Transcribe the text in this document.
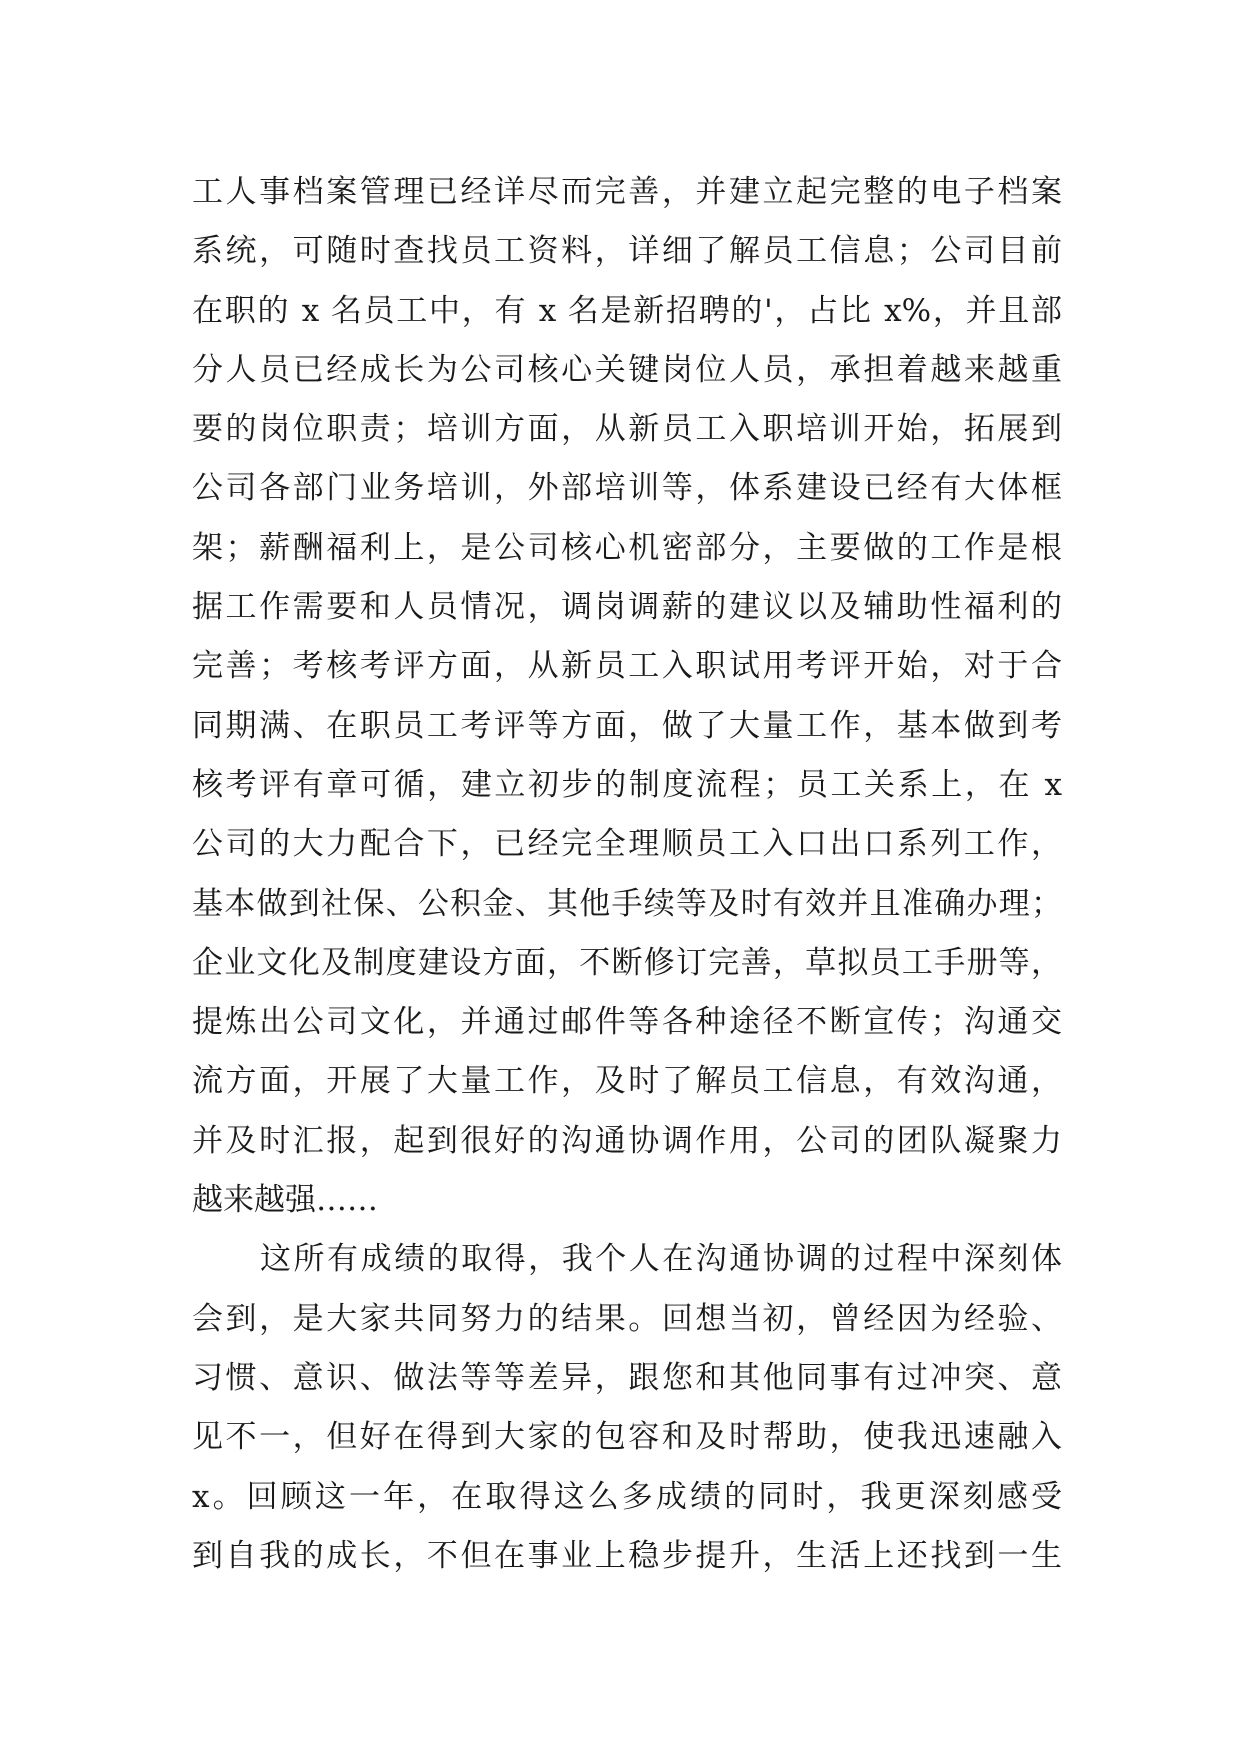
工人事档案管理已经详尽而完善，并建立起完整的电子档案
系统，可随时查找员工资料，详细了解员工信息；公司目前
在职的 x 名员工中，有 x 名是新招聘的'，占比 x%，并且部
分人员已经成长为公司核心关键岗位人员，承担着越来越重
要的岗位职责；培训方面，从新员工入职培训开始，拓展到
公司各部门业务培训，外部培训等，体系建设已经有大体框
架；薪酬福利上，是公司核心机密部分，主要做的工作是根
据工作需要和人员情况，调岗调薪的建议以及辅助性福利的
完善；考核考评方面，从新员工入职试用考评开始，对于合
同期满、在职员工考评等方面，做了大量工作，基本做到考
核考评有章可循，建立初步的制度流程；员工关系上，在 x
公司的大力配合下，已经完全理顺员工入口出口系列工作，
基本做到社保、公积金、其他手续等及时有效并且准确办理；
企业文化及制度建设方面，不断修订完善，草拟员工手册等，
提炼出公司文化，并通过邮件等各种途径不断宣传；沟通交
流方面，开展了大量工作，及时了解员工信息，有效沟通，
并及时汇报，起到很好的沟通协调作用，公司的团队凝聚力
越来越强……
这所有成绩的取得，我个人在沟通协调的过程中深刻体
会到，是大家共同努力的结果。回想当初，曾经因为经验、
习惯、意识、做法等等差异，跟您和其他同事有过冲突、意
见不一，但好在得到大家的包容和及时帮助，使我迅速融入
x。回顾这一年，在取得这么多成绩的同时，我更深刻感受
到自我的成长，不但在事业上稳步提升，生活上还找到一生
